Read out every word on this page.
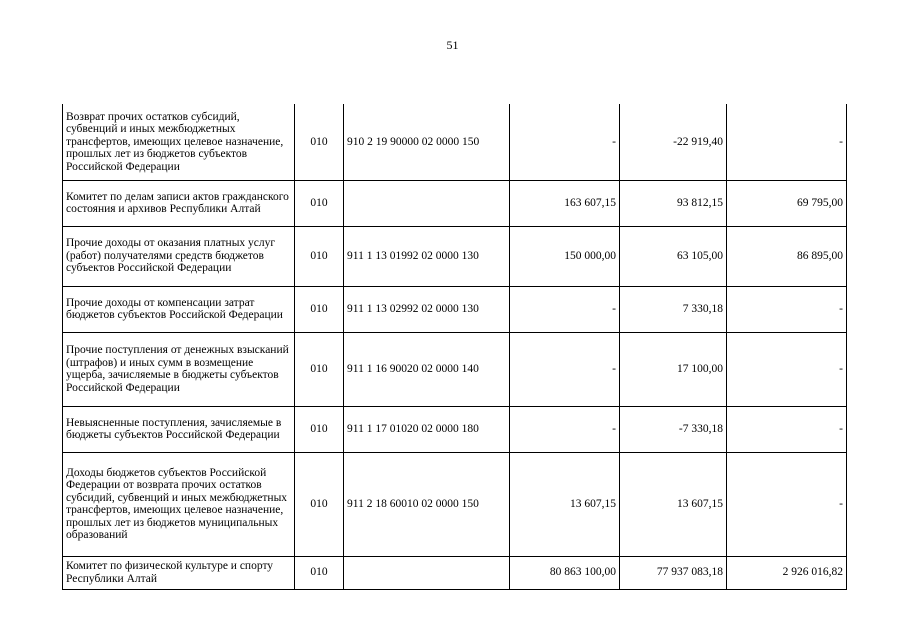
51
Возврат прочих остатков субсидий, субвенций и иных межбюджетных трансфертов, имеющих целевое назначение, прошлых лет из бюджетов субъектов Российской Федерации	010	910 2 19 90000 02 0000 150	-	-22 919,40	-
Комитет по делам записи актов гражданского состояния и архивов Республики Алтай	010		163 607,15	93 812,15	69 795,00
Прочие доходы от оказания платных услуг (работ) получателями средств бюджетов субъектов Российской Федерации	010	911 1 13 01992 02 0000 130	150 000,00	63 105,00	86 895,00
Прочие доходы от компенсации затрат бюджетов субъектов Российской Федерации	010	911 1 13 02992 02 0000 130	-	7 330,18	-
Прочие поступления от денежных взысканий (штрафов) и иных сумм в возмещение ущерба, зачисляемые в бюджеты субъектов Российской Федерации	010	911 1 16 90020 02 0000 140	-	17 100,00	-
Невыясненные поступления, зачисляемые в бюджеты субъектов Российской Федерации	010	911 1 17 01020 02 0000 180	-	-7 330,18	-
Доходы бюджетов субъектов Российской Федерации от возврата прочих остатков субсидий, субвенций и иных межбюджетных трансфертов, имеющих целевое назначение, прошлых лет из бюджетов муниципальных образований	010	911 2 18 60010 02 0000 150	13 607,15	13 607,15	-
Комитет по физической культуре и спорту Республики Алтай	010		80 863 100,00	77 937 083,18	2 926 016,82
